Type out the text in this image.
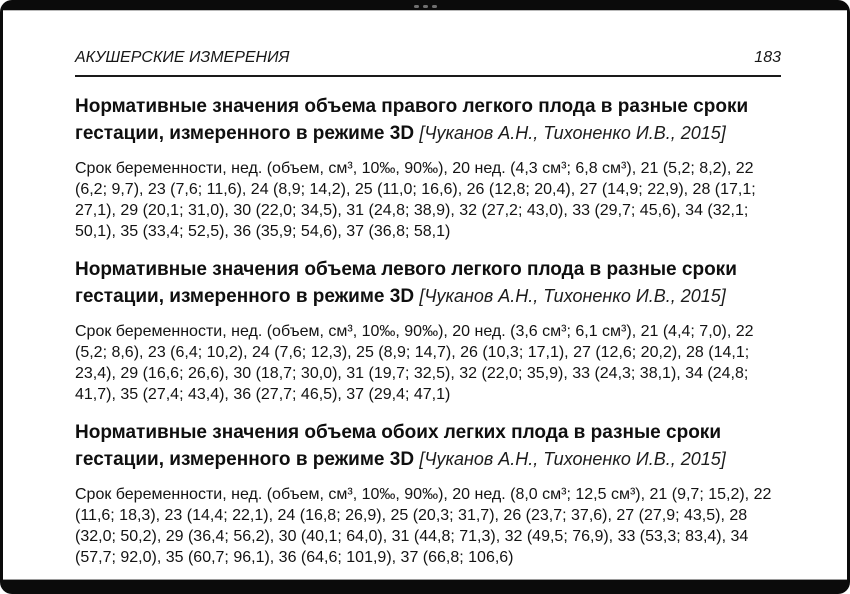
АКУШЕРСКИЕ ИЗМЕРЕНИЯ	183
Нормативные значения объема правого легкого плода в разные сроки гестации, измеренного в режиме 3D [Чуканов А.Н., Тихоненко И.В., 2015]

Срок беременности, нед. (объем, см³, 10‰, 90‰), 20 нед. (4,3 см³; 6,8 см³), 21 (5,2; 8,2), 22 (6,2; 9,7), 23 (7,6; 11,6), 24 (8,9; 14,2), 25 (11,0; 16,6), 26 (12,8; 20,4), 27 (14,9; 22,9), 28 (17,1; 27,1), 29 (20,1; 31,0), 30 (22,0; 34,5), 31 (24,8; 38,9), 32 (27,2; 43,0), 33 (29,7; 45,6), 34 (32,1; 50,1), 35 (33,4; 52,5), 36 (35,9; 54,6), 37 (36,8; 58,1)

Нормативные значения объема левого легкого плода в разные сроки гестации, измеренного в режиме 3D [Чуканов А.Н., Тихоненко И.В., 2015]

Срок беременности, нед. (объем, см³, 10‰, 90‰), 20 нед. (3,6 см³; 6,1 см³), 21 (4,4; 7,0), 22 (5,2; 8,6), 23 (6,4; 10,2), 24 (7,6; 12,3), 25 (8,9; 14,7), 26 (10,3; 17,1), 27 (12,6; 20,2), 28 (14,1; 23,4), 29 (16,6; 26,6), 30 (18,7; 30,0), 31 (19,7; 32,5), 32 (22,0; 35,9), 33 (24,3; 38,1), 34 (24,8; 41,7), 35 (27,4; 43,4), 36 (27,7; 46,5), 37 (29,4; 47,1)

Нормативные значения объема обоих легких плода в разные сроки гестации, измеренного в режиме 3D [Чуканов А.Н., Тихоненко И.В., 2015]

Срок беременности, нед. (объем, см³, 10‰, 90‰), 20 нед. (8,0 см³; 12,5 см³), 21 (9,7; 15,2), 22 (11,6; 18,3), 23 (14,4; 22,1), 24 (16,8; 26,9), 25 (20,3; 31,7), 26 (23,7; 37,6), 27 (27,9; 43,5), 28 (32,0; 50,2), 29 (36,4; 56,2), 30 (40,1; 64,0), 31 (44,8; 71,3), 32 (49,5; 76,9), 33 (53,3; 83,4), 34 (57,7; 92,0), 35 (60,7; 96,1), 36 (64,6; 101,9), 37 (66,8; 106,6)
